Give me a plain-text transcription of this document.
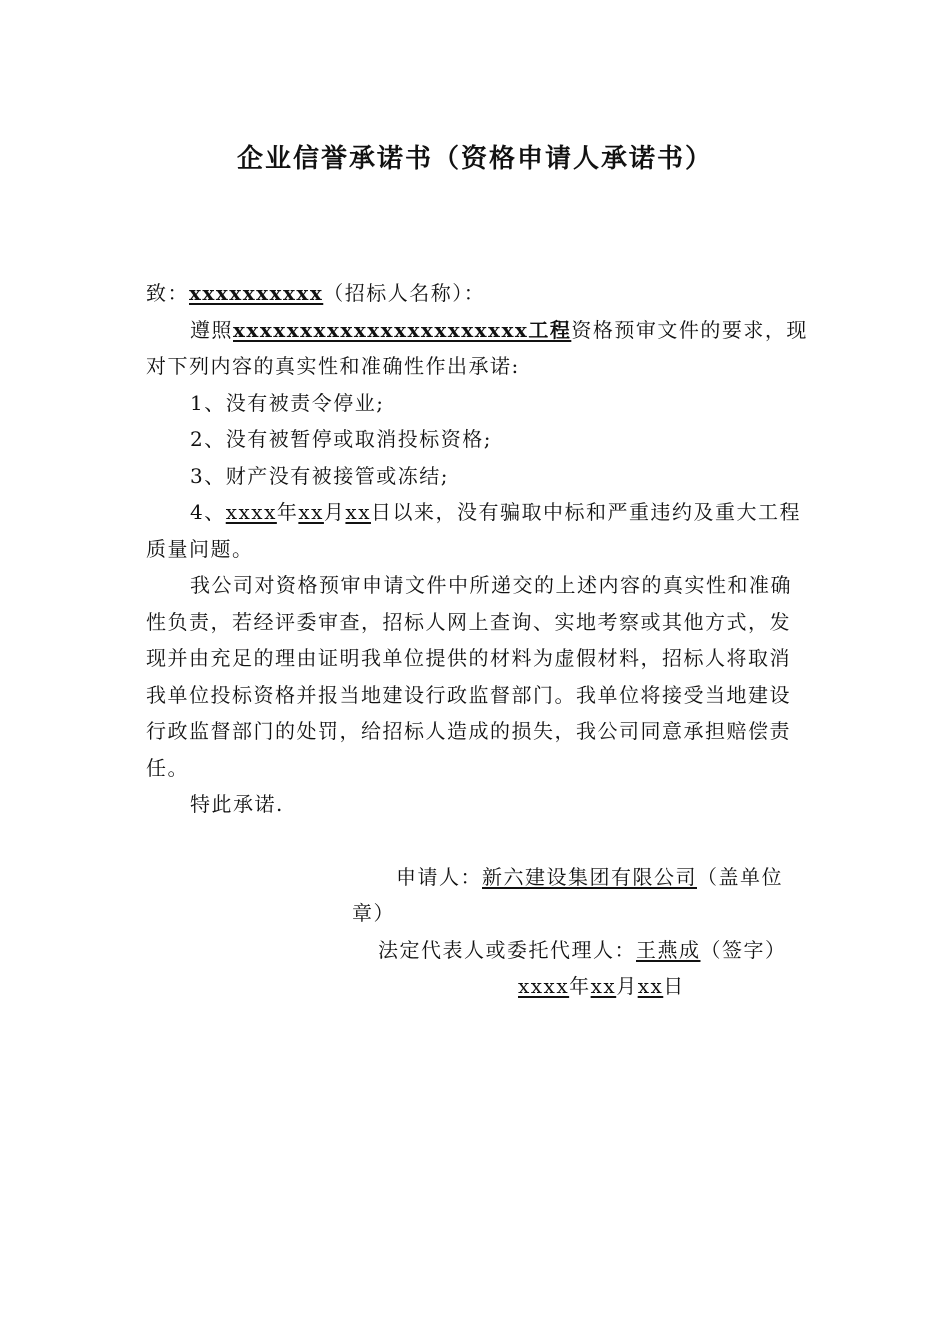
企业信誉承诺书（资格申请人承诺书）

致：xxxxxxxxxx（招标人名称）：

遵照xxxxxxxxxxxxxxxxxxxxxx工程资格预审文件的要求，现对下列内容的真实性和准确性作出承诺:

1、没有被责令停业;

2、没有被暂停或取消投标资格;

3、财产没有被接管或冻结;

4、xxxx年xx月xx日以来，没有骗取中标和严重违约及重大工程质量问题。

我公司对资格预审申请文件中所递交的上述内容的真实性和准确性负责，若经评委审查，招标人网上查询、实地考察或其他方式，发现并由充足的理由证明我单位提供的材料为虚假材料，招标人将取消我单位投标资格并报当地建设行政监督部门。我单位将接受当地建设行政监督部门的处罚，给招标人造成的损失，我公司同意承担赔偿责任。

特此承诺.

申请人：新六建设集团有限公司（盖单位章）

法定代表人或委托代理人：王燕成（签字）

xxxx年xx月xx日
